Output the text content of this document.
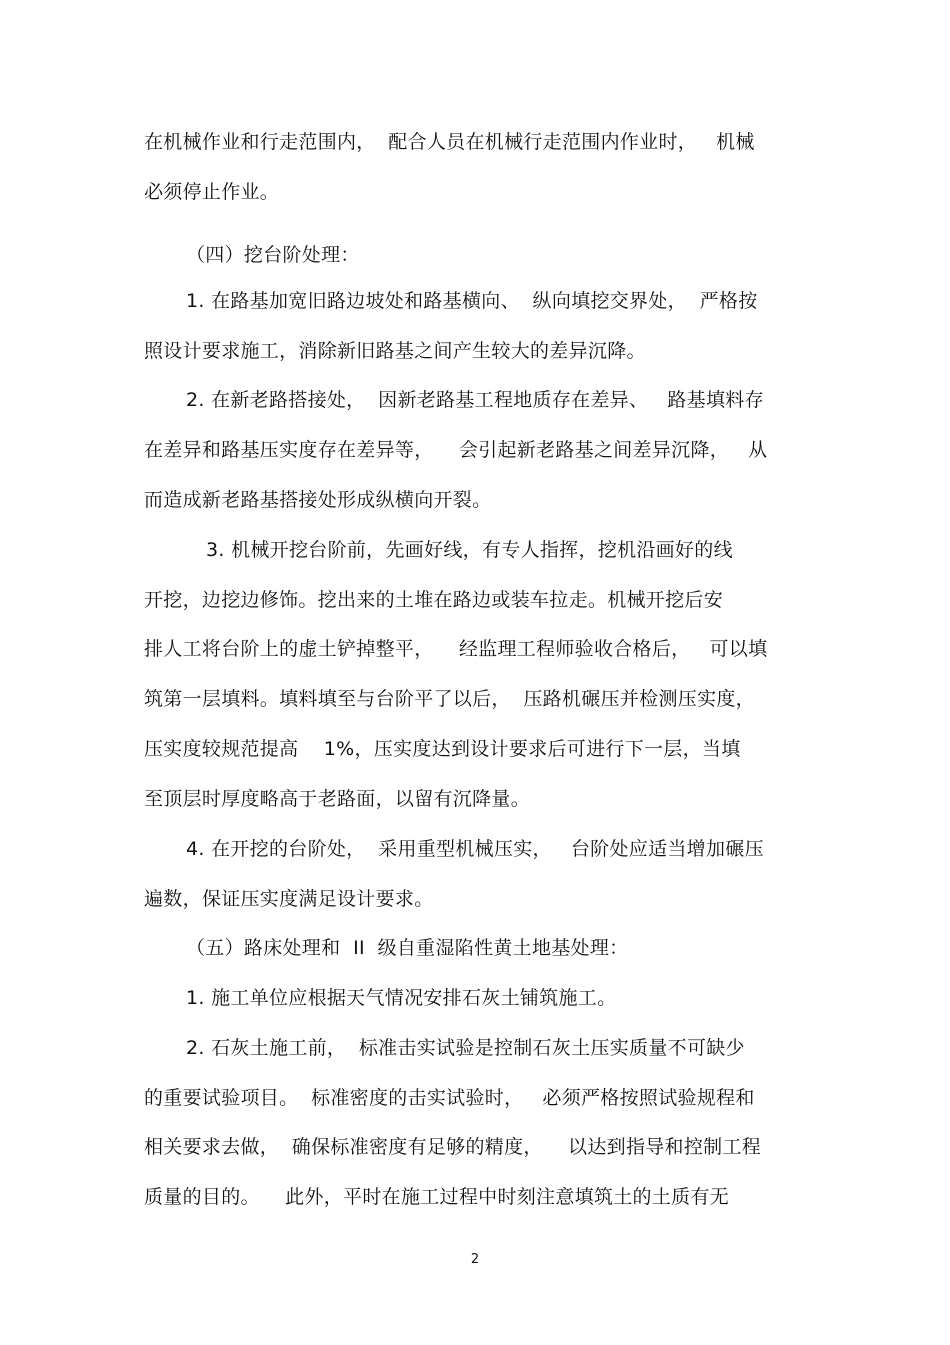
在机械作业和行走范围内，  配合人员在机械行走范围内作业时，   机械
必须停止作业。
（四）挖台阶处理：
1. 在路基加宽旧路边坡处和路基横向、  纵向填挖交界处，  严格按
照设计要求施工，消除新旧路基之间产生较大的差异沉降。
2. 在新老路搭接处，  因新老路基工程地质存在差异、   路基填料存
在差异和路基压实度存在差异等，    会引起新老路基之间差异沉降，   从
而造成新老路基搭接处形成纵横向开裂。
3. 机械开挖台阶前，先画好线，有专人指挥，挖机沿画好的线
开挖，边挖边修饰。挖出来的土堆在路边或装车拉走。机械开挖后安
排人工将台阶上的虚土铲掉整平，    经监理工程师验收合格后，   可以填
筑第一层填料。填料填至与台阶平了以后，  压路机碾压并检测压实度，
压实度较规范提高    1%，压实度达到设计要求后可进行下一层，当填
至顶层时厚度略高于老路面，以留有沉降量。
4. 在开挖的台阶处，  采用重型机械压实，   台阶处应适当增加碾压
遍数，保证压实度满足设计要求。
（五）路床处理和  II  级自重湿陷性黄土地基处理：
1. 施工单位应根据天气情况安排石灰土铺筑施工。
2. 石灰土施工前，  标准击实试验是控制石灰土压实质量不可缺少
的重要试验项目。  标准密度的击实试验时，   必须严格按照试验规程和
相关要求去做，  确保标准密度有足够的精度，    以达到指导和控制工程
质量的目的。    此外，平时在施工过程中时刻注意填筑土的土质有无
2
